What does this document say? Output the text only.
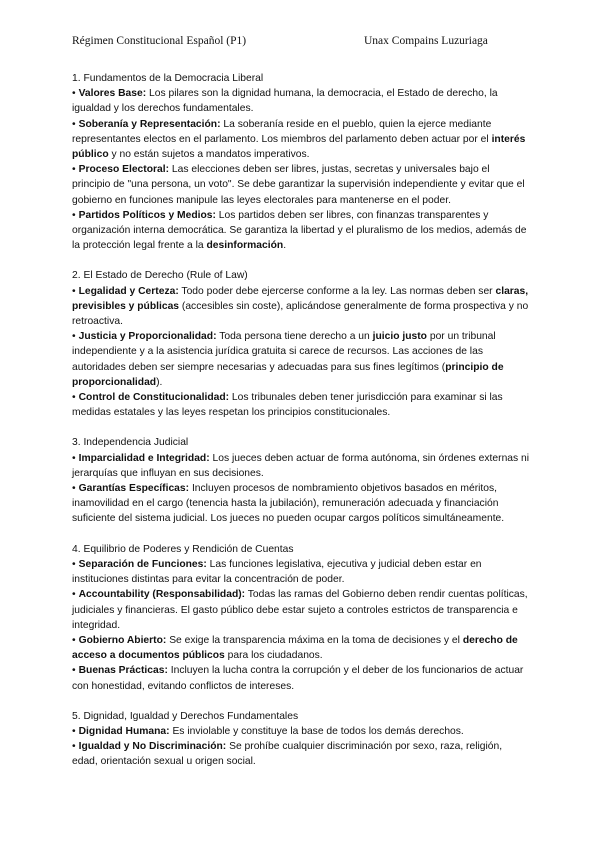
Régimen Constitucional Español (P1)	Unax Compains Luzuriaga
1. Fundamentos de la Democracia Liberal
• Valores Base: Los pilares son la dignidad humana, la democracia, el Estado de derecho, la igualdad y los derechos fundamentales.
• Soberanía y Representación: La soberanía reside en el pueblo, quien la ejerce mediante representantes electos en el parlamento. Los miembros del parlamento deben actuar por el interés público y no están sujetos a mandatos imperativos.
• Proceso Electoral: Las elecciones deben ser libres, justas, secretas y universales bajo el principio de "una persona, un voto". Se debe garantizar la supervisión independiente y evitar que el gobierno en funciones manipule las leyes electorales para mantenerse en el poder.
• Partidos Políticos y Medios: Los partidos deben ser libres, con finanzas transparentes y organización interna democrática. Se garantiza la libertad y el pluralismo de los medios, además de la protección legal frente a la desinformación.
2. El Estado de Derecho (Rule of Law)
• Legalidad y Certeza: Todo poder debe ejercerse conforme a la ley. Las normas deben ser claras, previsibles y públicas (accesibles sin coste), aplicándose generalmente de forma prospectiva y no retroactiva.
• Justicia y Proporcionalidad: Toda persona tiene derecho a un juicio justo por un tribunal independiente y a la asistencia jurídica gratuita si carece de recursos. Las acciones de las autoridades deben ser siempre necesarias y adecuadas para sus fines legítimos (principio de proporcionalidad).
• Control de Constitucionalidad: Los tribunales deben tener jurisdicción para examinar si las medidas estatales y las leyes respetan los principios constitucionales.
3. Independencia Judicial
• Imparcialidad e Integridad: Los jueces deben actuar de forma autónoma, sin órdenes externas ni jerarquías que influyan en sus decisiones.
• Garantías Específicas: Incluyen procesos de nombramiento objetivos basados en méritos, inamovilidad en el cargo (tenencia hasta la jubilación), remuneración adecuada y financiación suficiente del sistema judicial. Los jueces no pueden ocupar cargos políticos simultáneamente.
4. Equilibrio de Poderes y Rendición de Cuentas
• Separación de Funciones: Las funciones legislativa, ejecutiva y judicial deben estar en instituciones distintas para evitar la concentración de poder.
• Accountability (Responsabilidad): Todas las ramas del Gobierno deben rendir cuentas políticas, judiciales y financieras. El gasto público debe estar sujeto a controles estrictos de transparencia e integridad.
• Gobierno Abierto: Se exige la transparencia máxima en la toma de decisiones y el derecho de acceso a documentos públicos para los ciudadanos.
• Buenas Prácticas: Incluyen la lucha contra la corrupción y el deber de los funcionarios de actuar con honestidad, evitando conflictos de intereses.
5. Dignidad, Igualdad y Derechos Fundamentales
• Dignidad Humana: Es inviolable y constituye la base de todos los demás derechos.
• Igualdad y No Discriminación: Se prohíbe cualquier discriminación por sexo, raza, religión, edad, orientación sexual u origen social.
